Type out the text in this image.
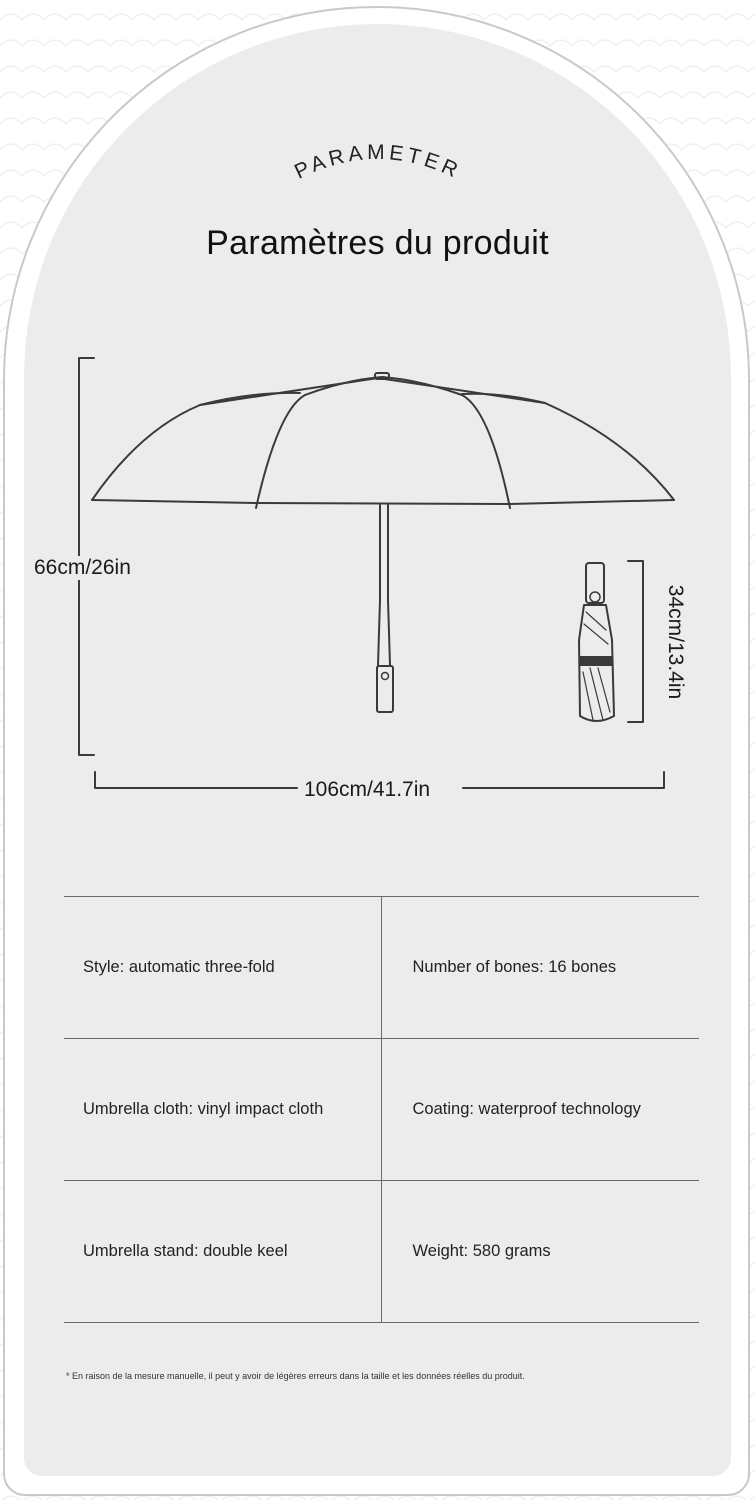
PARAMETER
Paramètres du produit
66cm/26in
106cm/41.7in
34cm/13.4in
Style: automatic three-fold	Number of bones: 16 bones
Umbrella cloth: vinyl impact cloth	Coating: waterproof technology
Umbrella stand: double keel	Weight: 580 grams
* En raison de la mesure manuelle, il peut y avoir de légères erreurs dans la taille et les données réelles du produit.
